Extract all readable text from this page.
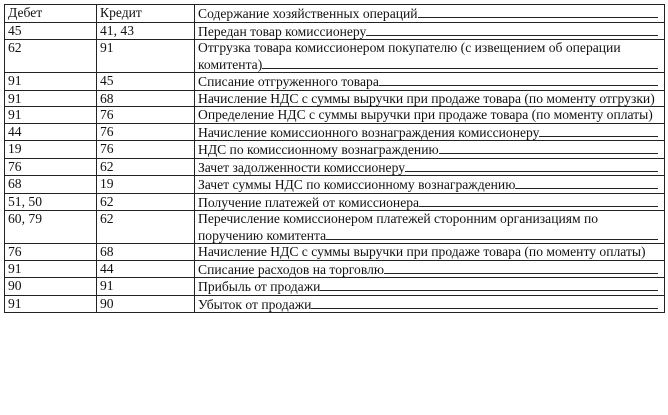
Дебет	Кредит	Содержание хозяйственных операций
45	41, 43	Передан товар комиссионеру
62	91	Отгрузка товара комиссионером покупателю (с извещением об операции комитента)
91	45	Списание отгруженного товара
91	68	Начисление НДС с суммы выручки при продаже товара (по моменту отгрузки)
91	76	Определение НДС с суммы выручки при продаже товара (по моменту оплаты)
44	76	Начисление комиссионного вознаграждения комиссионеру
19	76	НДС по комиссионному вознаграждению
76	62	Зачет задолженности комиссионеру
68	19	Зачет суммы НДС по комиссионному вознаграждению
51, 50	62	Получение платежей от комиссионера
60, 79	62	Перечисление комиссионером платежей сторонним организациям по поручению комитента
76	68	Начисление НДС с суммы выручки при продаже товара (по моменту оплаты)
91	44	Списание расходов на торговлю
90	91	Прибыль от продажи
91	90	Убыток от продажи
